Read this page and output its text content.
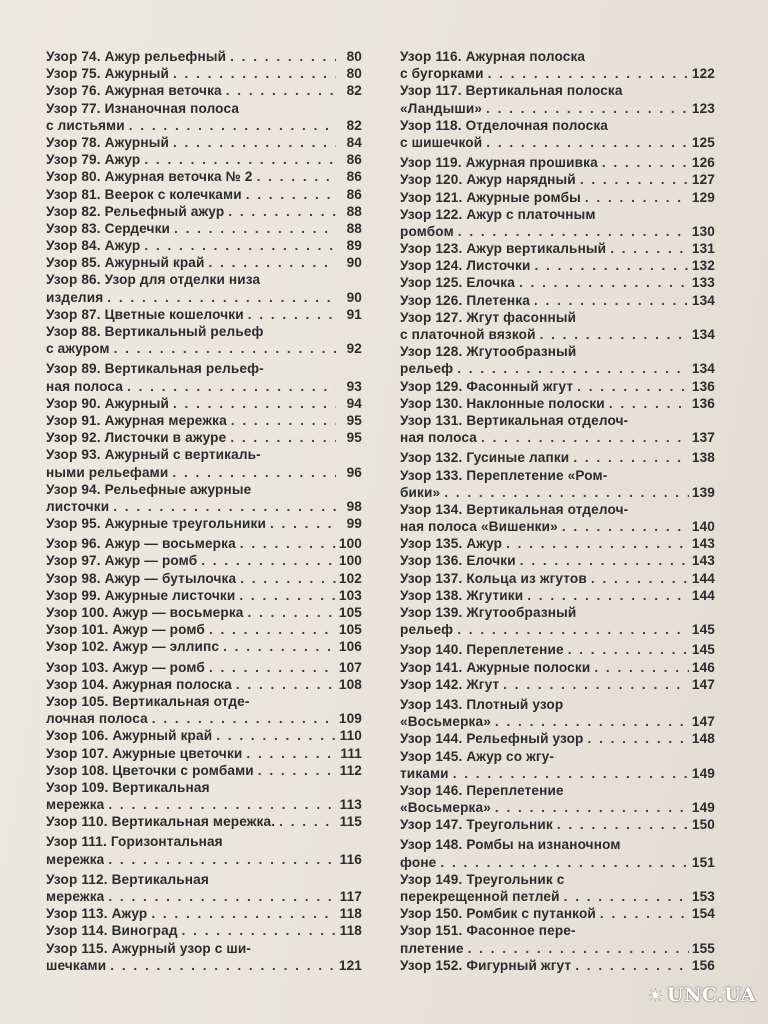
Узор 74. Ажур рельефный . . .	80
Узор 75. Ажурный . . .	80
Узор 76. Ажурная веточка . . .	82
Узор 77. Изнаночная полоса
с листьями . . .	82
Узор 78. Ажурный . . .	84
Узор 79. Ажур . . .	86
Узор 80. Ажурная веточка № 2 . . .	86
Узор 81. Веерок с колечками . . .	86
Узор 82. Рельефный ажур . . .	88
Узор 83. Сердечки . . .	88
Узор 84. Ажур . . .	89
Узор 85. Ажурный край . . .	90
Узор 86. Узор для отделки низа
изделия . . .	90
Узор 87. Цветные кошелочки . . .	91
Узор 88. Вертикальный рельеф
с ажуром . . .	92
Узор 89. Вертикальная рельеф-
ная полоса . . .	93
Узор 90. Ажурный . . .	94
Узор 91. Ажурная мережка . . .	95
Узор 92. Листочки в ажуре . . .	95
Узор 93. Ажурный с вертикаль-
ными рельефами . . .	96
Узор 94. Рельефные ажурные
листочки . . .	98
Узор 95. Ажурные треугольники . . .	99
Узор 96. Ажур — восьмерка . . .	100
Узор 97. Ажур — ромб . . .	100
Узор 98. Ажур — бутылочка . . .	102
Узор 99. Ажурные листочки . . .	103
Узор 100. Ажур — восьмерка . . .	105
Узор 101. Ажур — ромб . . .	105
Узор 102. Ажур — эллипс . . .	106
Узор 103. Ажур — ромб . . .	107
Узор 104. Ажурная полоска . . .	108
Узор 105. Вертикальная отде-
лочная полоса . . .	109
Узор 106. Ажурный край . . .	110
Узор 107. Ажурные цветочки . . .	111
Узор 108. Цветочки с ромбами . . .	112
Узор 109. Вертикальная
мережка . . .	113
Узор 110. Вертикальная мережка. . . .	115
Узор 111. Горизонтальная
мережка . . .	116
Узор 112. Вертикальная
мережка . . .	117
Узор 113. Ажур . . .	118
Узор 114. Виноград . . .	118
Узор 115. Ажурный узор с ши-
шечками . . .	121
Узор 116. Ажурная полоска
с бугорками . . .	122
Узор 117. Вертикальная полоска
«Ландыши» . . .	123
Узор 118. Отделочная полоска
с шишечкой . . .	125
Узор 119. Ажурная прошивка . . .	126
Узор 120. Ажур нарядный . . .	127
Узор 121. Ажурные ромбы . . .	129
Узор 122. Ажур с платочным
ромбом . . .	130
Узор 123. Ажур вертикальный . . .	131
Узор 124. Листочки . . .	132
Узор 125. Елочка . . .	133
Узор 126. Плетенка . . .	134
Узор 127. Жгут фасонный
с платочной вязкой . . .	134
Узор 128. Жгутообразный
рельеф . . .	134
Узор 129. Фасонный жгут . . .	136
Узор 130. Наклонные полоски . . .	136
Узор 131. Вертикальная отделоч-
ная полоса . . .	137
Узор 132. Гусиные лапки . . .	138
Узор 133. Переплетение «Ром-
бики» . . .	139
Узор 134. Вертикальная отделоч-
ная полоса «Вишенки» . . .	140
Узор 135. Ажур . . .	143
Узор 136. Елочки . . .	143
Узор 137. Кольца из жгутов . . .	144
Узор 138. Жгутики . . .	144
Узор 139. Жгутообразный
рельеф . . .	145
Узор 140. Переплетение . . .	145
Узор 141. Ажурные полоски . . .	146
Узор 142. Жгут . . .	147
Узор 143. Плотный узор
«Восьмерка» . . .	147
Узор 144. Рельефный узор . . .	148
Узор 145. Ажур со жгу-
тиками . . .	149
Узор 146. Переплетение
«Восьмерка» . . .	149
Узор 147. Треугольник . . .	150
Узор 148. Ромбы на изнаночном
фоне . . .	151
Узор 149. Треугольник с
перекрещенной петлей . . .	153
Узор 150. Ромбик с путанкой . . .	154
Узор 151. Фасонное пере-
плетение . . .	155
Узор 152. Фигурный жгут . . .	156
UNC.UA
